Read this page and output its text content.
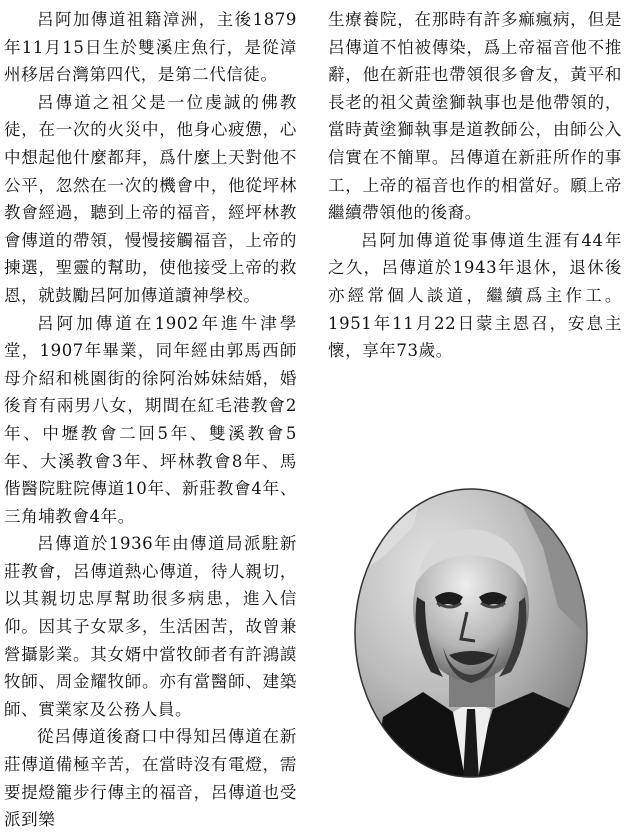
呂阿加傳道祖籍漳洲，主後1879年11月15日生於雙溪庄魚行，是從漳州移居台灣第四代，是第二代信徒。

呂傳道之祖父是一位虔誠的佛教徒，在一次的火災中，他身心疲憊，心中想起他什麼都拜，爲什麼上天對他不公平，忽然在一次的機會中，他從坪林教會經過，聽到上帝的福音，經坪林教會傳道的帶領，慢慢接觸福音，上帝的揀選，聖靈的幫助，使他接受上帝的救恩，就鼓勵呂阿加傳道讀神學校。

呂阿加傳道在1902年進牛津學堂，1907年畢業，同年經由郭馬西師母介紹和桃園街的徐阿治姊妹結婚，婚後育有兩男八女，期間在紅毛港教會2年、中壢教會二回5年、雙溪教會5年、大溪教會3年、坪林教會8年、馬偕醫院駐院傳道10年、新莊教會4年、三角埔教會4年。

呂傳道於1936年由傳道局派駐新莊教會，呂傳道熱心傳道，待人親切，以其親切忠厚幫助很多病患，進入信仰。因其子女眾多，生活困苦，故曾兼營攝影業。其女婿中當牧師者有許鴻謨牧師、周金耀牧師。亦有當醫師、建築師、實業家及公務人員。

從呂傳道後裔口中得知呂傳道在新莊傳道備極辛苦，在當時沒有電燈，需要提燈籠步行傳主的福音，呂傳道也受派到樂

生療養院，在那時有許多痲瘋病，但是呂傳道不怕被傳染，爲上帝福音他不推辭，他在新莊也帶領很多會友，黃平和長老的祖父黃塗獅執事也是他帶領的，當時黃塗獅執事是道教師公，由師公入信實在不簡單。呂傳道在新莊所作的事工，上帝的福音也作的相當好。願上帝繼續帶領他的後裔。

呂阿加傳道從事傳道生涯有44年之久，呂傳道於1943年退休，退休後亦經常個人談道，繼續爲主作工。1951年11月22日蒙主恩召，安息主懷，享年73歲。
